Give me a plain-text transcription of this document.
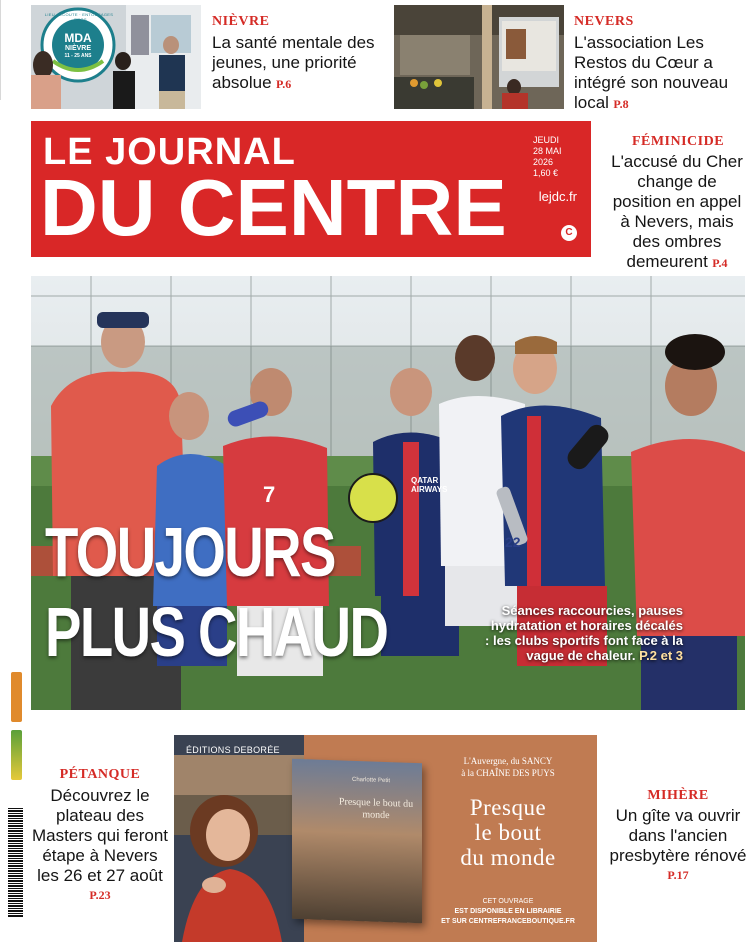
MDA
NIÈVRE
11 - 25 ANS
LIEU · ÉCOUTE · ENTOURAGES · PROS	NIÈVRE
La santé mentale des jeunes, une priorité absolue P.6
NEVERS
L'association Les Restos du Cœur a intégré son nouveau local P.8
LE JOURNAL
DU CENTRE
JEUDI
28 MAI 2026
1,60 €
lejdc.fr
C
FÉMINICIDE
L'accusé du Cher change de position en appel à Nevers, mais des ombres demeurent P.4
7
22
QATAR AIRWAYS
TOUJOURS
PLUS CHAUD	Séances raccourcies, pauses hydratation et horaires décalés : les clubs sportifs font face à la vague de chaleur. P.2 et 3
PÉTANQUE
Découvrez le plateau des Masters qui feront étape à Nevers les 26 et 27 août P.23
ÉDITIONS DEBORÉE
Charlotte Petit
Presque le bout du monde
L'Auvergne, du SANCY
à la CHAÎNE DES PUYS
Presque
le bout
du monde
CET OUVRAGE
EST DISPONIBLE EN LIBRAIRIE
ET SUR CENTREFRANCEBOUTIQUE.FR
MIHÈRE
Un gîte va ouvrir dans l'ancien presbytère rénové P.17
